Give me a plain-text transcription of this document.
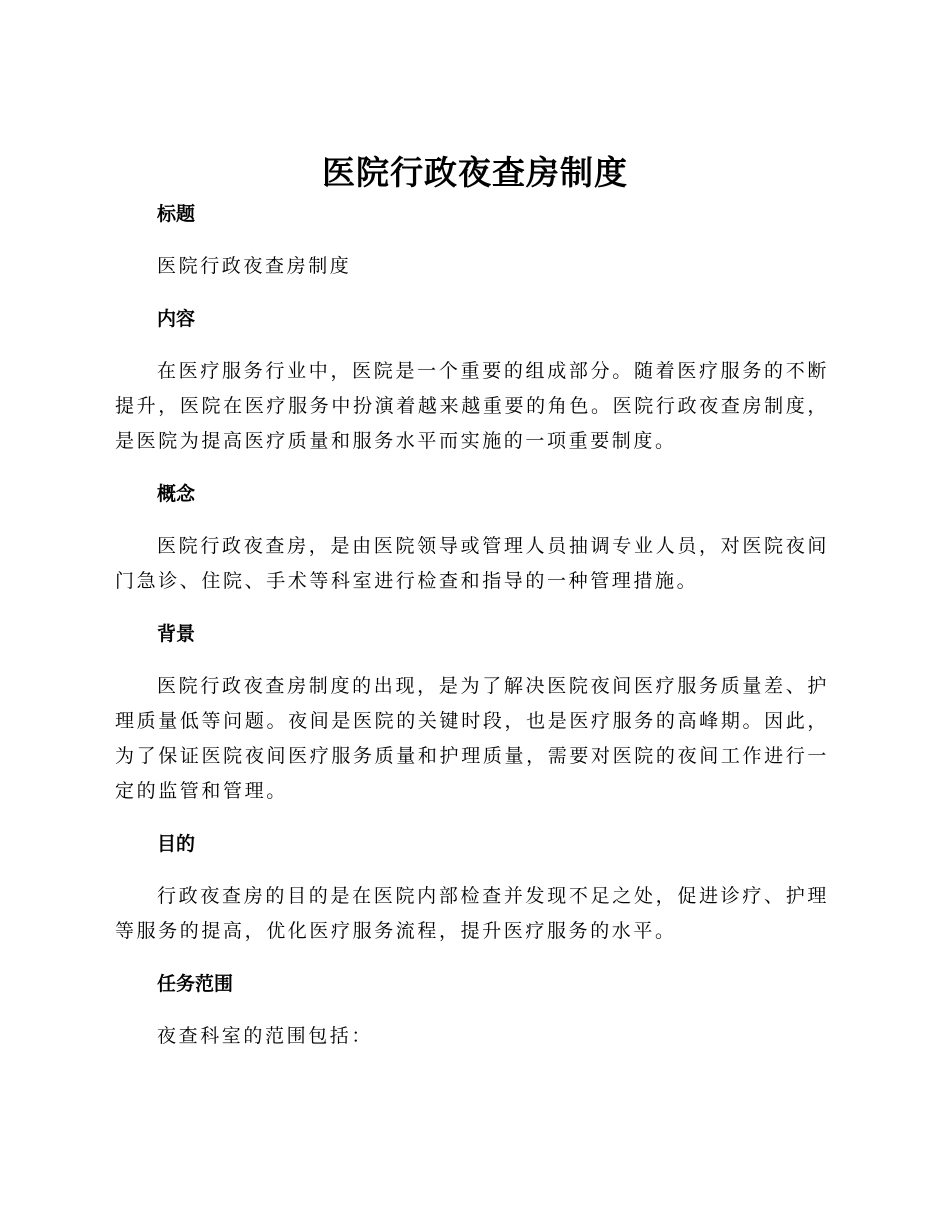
医院行政夜查房制度

标题

医院行政夜查房制度

内容

在医疗服务行业中，医院是一个重要的组成部分。随着医疗服务的不断提升，医院在医疗服务中扮演着越来越重要的角色。医院行政夜查房制度，是医院为提高医疗质量和服务水平而实施的一项重要制度。

概念

医院行政夜查房，是由医院领导或管理人员抽调专业人员，对医院夜间门急诊、住院、手术等科室进行检查和指导的一种管理措施。

背景

医院行政夜查房制度的出现，是为了解决医院夜间医疗服务质量差、护理质量低等问题。夜间是医院的关键时段，也是医疗服务的高峰期。因此，为了保证医院夜间医疗服务质量和护理质量，需要对医院的夜间工作进行一定的监管和管理。

目的

行政夜查房的目的是在医院内部检查并发现不足之处，促进诊疗、护理等服务的提高，优化医疗服务流程，提升医疗服务的水平。

任务范围

夜查科室的范围包括：
